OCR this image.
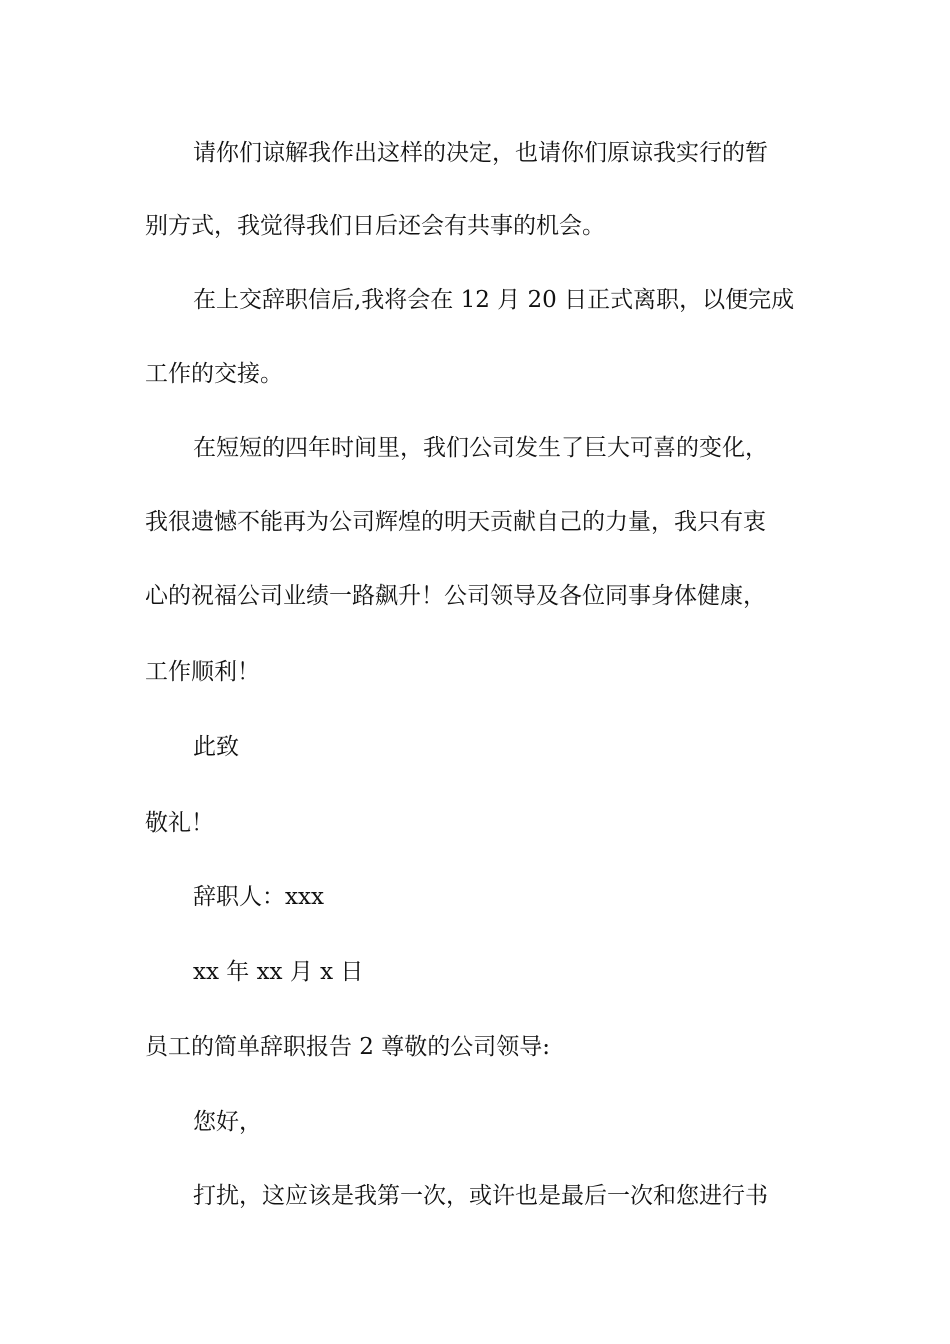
请你们谅解我作出这样的决定，也请你们原谅我实行的暂
别方式，我觉得我们日后还会有共事的机会。
在上交辞职信后,我将会在 12 月 20 日正式离职，以便完成
工作的交接。
在短短的四年时间里，我们公司发生了巨大可喜的变化，
我很遗憾不能再为公司辉煌的明天贡献自己的力量，我只有衷
心的祝福公司业绩一路飙升！公司领导及各位同事身体健康，
工作顺利！
此致
敬礼！
辞职人：xxx
xx 年 xx 月 x 日
员工的简单辞职报告 2 尊敬的公司领导:
您好，
打扰，这应该是我第一次，或许也是最后一次和您进行书
